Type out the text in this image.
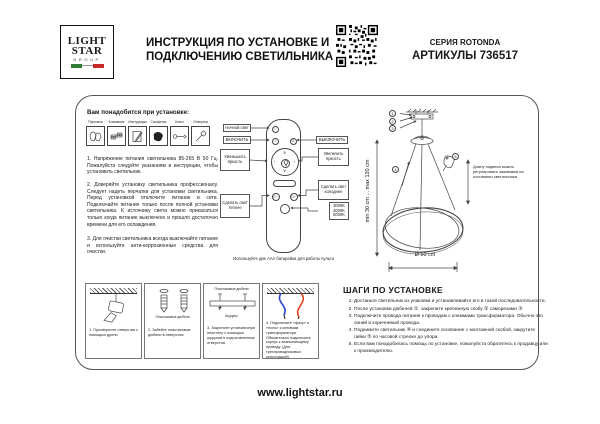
LIGHT
STAR
GROUP
ИНСТРУКЦИЯ ПО УСТАНОВКЕ И
ПОДКЛЮЧЕНИЮ СВЕТИЛЬНИКА
СЕРИЯ ROTONDA
АРТИКУЛЫ 736517
Вам понадобится при установке:
Перчатки	Клеммник	Инструкция	Салфетка	Ключ	Отвертка
1. Напряжение питания светильника 85-265 В 50 Гц. Пожалуйста следуйте указаниям в инструкции, чтобы установить светильник.
2. Доверяйте установку светильника профессионалу. Следует надеть перчатки для установки светильника. Перед установкой отключите питание в сети. Подключайте питание только после полной установки светильника. К источнику света можно прикасаться только когда питание выключено и прошло достаточно времени для его охлаждения.
3. Для очистки светильника всегда выключайте питание и используйте анти-коррозионные средства для очистки.
☾
I	O
∧
∨
‹	›
C−	C+
Ночной свет
ВКЛЮЧИТЬ
Уменьшить яркость
Сделать свет теплее
ВЫКЛЮЧИТЬ
Увеличить яркость
Сделать свет холоднее
3000K 4000K 6000K
Используйте две AAA батарейки для работы пульта
1
2
3
4
5
min 30 cm ... max 120 cm
Ø 50 cm
Длину подвеса можно регулировать зажимами на основании светильника.
1. Просверлите отверстия с помощью дрели.
Пластиковые дюбели
2. Забейте пластиковые дюбели в отверстия.
Пластиковые дюбели
Шурупы
3. Закрепите установочную пластину с помощью шурупов в подготовленные отверстия.
4. Подключите «фазу» и «ноль» к клеммам трансформатора. Обязательно подключите корпус к заземляющему проводу. (Для трехпроводниковых конструкций)
ШАГИ ПО УСТАНОВКЕ
1. Достаньте светильник из упаковки и устанавливайте его в такой последовательности.
2. После установки дюбелей ①, закрепите крепежную скобу ② саморезами ③
3. Подключите провода питания к проводам с клеммами трансформатора. Обычно это синий и коричневый провода.
4. Поднимите светильник ④ и соедините основание с монтажной скобой, закрутите гайки ⑤ по часовой стрелке до упора.
5. Если вам понадобилась помощь по установке, пожалуйста обратитесь к продавцу или к производителю.
www.lightstar.ru
